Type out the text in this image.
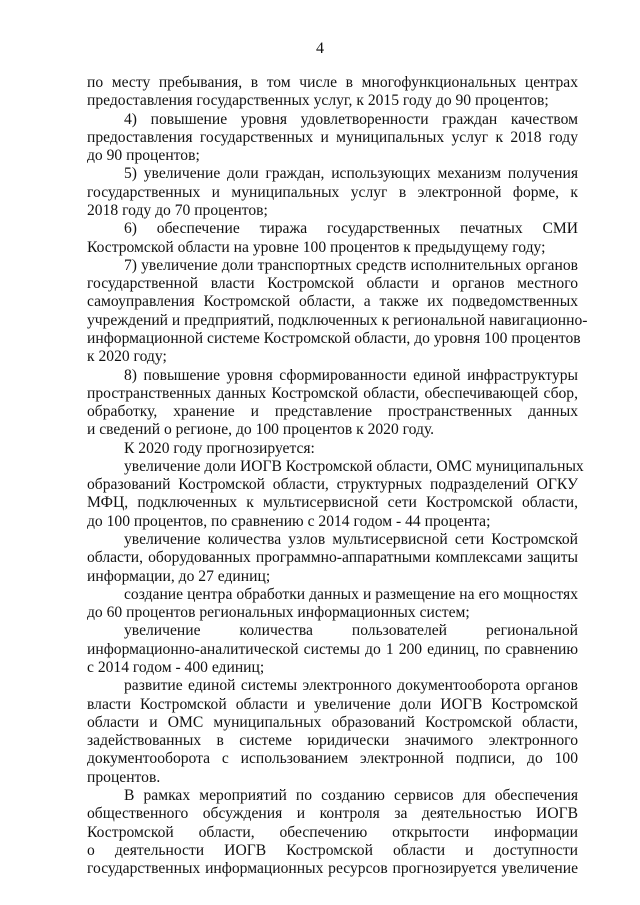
4
по месту пребывания, в том числе в многофункциональных центрах
предоставления государственных услуг, к 2015 году до 90 процентов;
4) повышение уровня удовлетворенности граждан качеством
предоставления государственных и муниципальных услуг к 2018 году
до 90 процентов;
5) увеличение доли граждан, использующих механизм получения
государственных и муниципальных услуг в электронной форме, к
2018 году до 70 процентов;
6) обеспечение тиража государственных печатных СМИ
Костромской области на уровне 100 процентов к предыдущему году;
7) увеличение доли транспортных средств исполнительных органов
государственной власти Костромской области и органов местного
самоуправления Костромской области, а также их подведомственных
учреждений и предприятий, подключенных к региональной навигационно-
информационной системе Костромской области, до уровня 100 процентов
к 2020 году;
8) повышение уровня сформированности единой инфраструктуры
пространственных данных Костромской области, обеспечивающей сбор,
обработку, хранение и представление пространственных данных
и сведений о регионе, до 100 процентов к 2020 году.
К 2020 году прогнозируется:
увеличение доли ИОГВ Костромской области, ОМС муниципальных
образований Костромской области, структурных подразделений ОГКУ
МФЦ, подключенных к мультисервисной сети Костромской области,
до 100 процентов, по сравнению с 2014 годом - 44 процента;
увеличение количества узлов мультисервисной сети Костромской
области, оборудованных программно-аппаратными комплексами защиты
информации, до 27 единиц;
создание центра обработки данных и размещение на его мощностях
до 60 процентов региональных информационных систем;
увеличение количества пользователей региональной
информационно-аналитической системы до 1 200 единиц, по сравнению
с 2014 годом - 400 единиц;
развитие единой системы электронного документооборота органов
власти Костромской области и увеличение доли ИОГВ Костромской
области и ОМС муниципальных образований Костромской области,
задействованных в системе юридически значимого электронного
документооборота с использованием электронной подписи, до 100
процентов.
В рамках мероприятий по созданию сервисов для обеспечения
общественного обсуждения и контроля за деятельностью ИОГВ
Костромской области, обеспечению открытости информации
о деятельности ИОГВ Костромской области и доступности
государственных информационных ресурсов прогнозируется увеличение
